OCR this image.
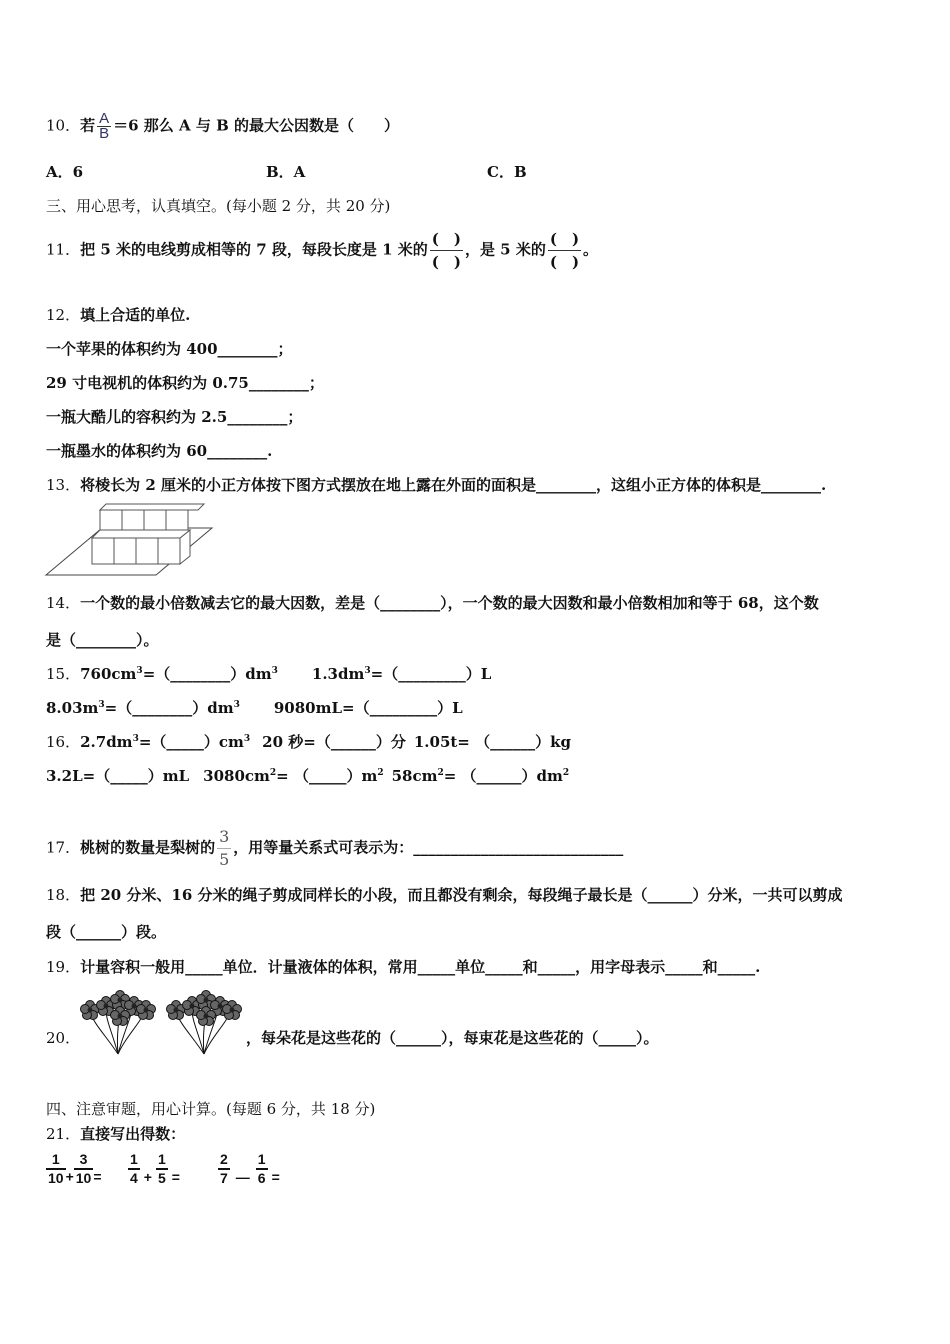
10．若 $\frac{A}{B} =6$ 那么 A 与 B 的最大公因数是（　　）
A．6	B．A	C．B
三、用心思考，认真填空。(每小题 2 分，共 20 分)
11．把 5 米的电线剪成相等的 7 段，每段长度是 1 米的 $\frac{( )}{( )}$ ，是 5 米的 $\frac{( )}{( )}$ 。
12．填上合适的单位.
一个苹果的体积约为 400________；
29 寸电视机的体积约为 0.75________；
一瓶大酷儿的容积约为 2.5________；
一瓶墨水的体积约为 60________.
13．将棱长为 2 厘米的小正方体按下图方式摆放在地上露在外面的面积是________，这组小正方体的体积是________.
14．一个数的最小倍数减去它的最大因数，差是（________），一个数的最大因数和最小倍数相加和等于 68，这个数
是（________）。
15．$760cm^3=(\_\_\_\_\_\_\_\_)dm^3$ $1.3dm^3=(\_\_\_\_\_\_\_\_\_)L$
$8.03m^3=(\_\_\_\_\_\_\_\_)dm^3$ 9080mL=（_________）L
16．$2.7dm^3=(\_\_\_\_\_)cm^3$ 20 秒=（______）分 1.05t= （______）kg
3.2L=（_____）mL $3080cm^2=$ $(\_\_\_\_\_)m^2$ $58cm^2=$ $(\_\_\_\_\_\_)dm^2$
17．桃树的数量是梨树的 $\frac{3}{5}$ ，用等量关系式可表示为：____________________________
18．把 20 分米、16 分米的绳子剪成同样长的小段，而且都没有剩余，每段绳子最长是（______）分米，一共可以剪成
段（______）段。
19．计量容积一般用_____单位．计量液体的体积，常用_____单位_____和_____，用字母表示_____和_____.
20．	，每朵花是这些花的（______），每束花是这些花的（_____）。
四、注意审题，用心计算。(每题 6 分，共 18 分)
21．直接写出得数：
$\frac{1}{10} + \frac{3}{10} = \frac{1}{4} + \frac{1}{5}$ =	$\frac{2}{7}$ — $\frac{1}{6}$ =
